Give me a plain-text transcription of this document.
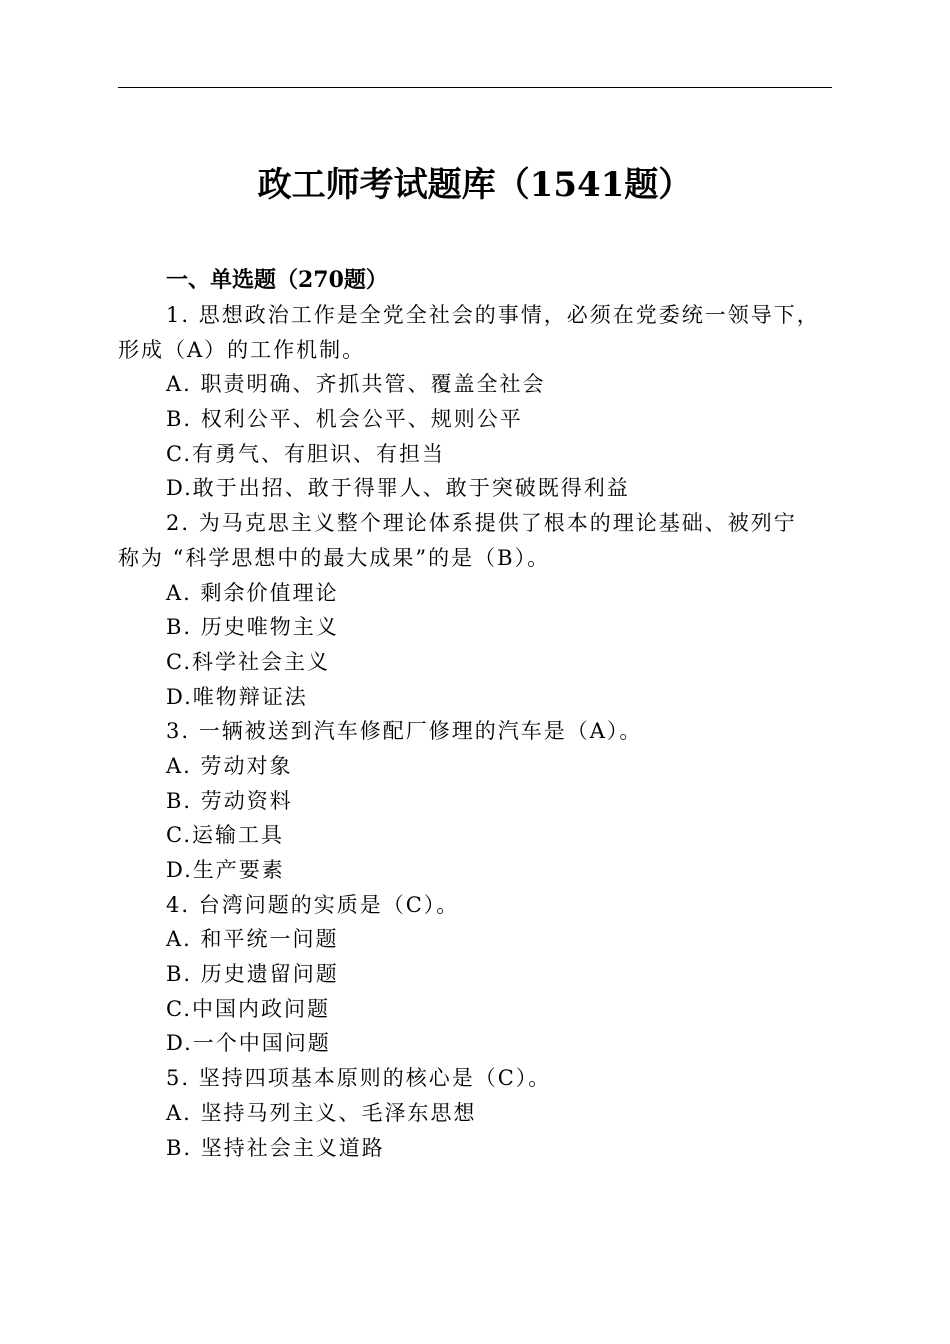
政工师考试题库（1541题）
一、单选题（270题）
1. 思想政治工作是全党全社会的事情，必须在党委统一领导下，
形成（A）的工作机制。
A. 职责明确、齐抓共管、覆盖全社会
B. 权利公平、机会公平、规则公平
C.有勇气、有胆识、有担当
D.敢于出招、敢于得罪人、敢于突破既得利益
2. 为马克思主义整个理论体系提供了根本的理论基础、被列宁
称为 “科学思想中的最大成果”的是（B）。
A. 剩余价值理论
B. 历史唯物主义
C.科学社会主义
D.唯物辩证法
3. 一辆被送到汽车修配厂修理的汽车是（A）。
A. 劳动对象
B. 劳动资料
C.运输工具
D.生产要素
4. 台湾问题的实质是（C）。
A. 和平统一问题
B. 历史遗留问题
C.中国内政问题
D.一个中国问题
5. 坚持四项基本原则的核心是（C）。
A. 坚持马列主义、毛泽东思想
B. 坚持社会主义道路
